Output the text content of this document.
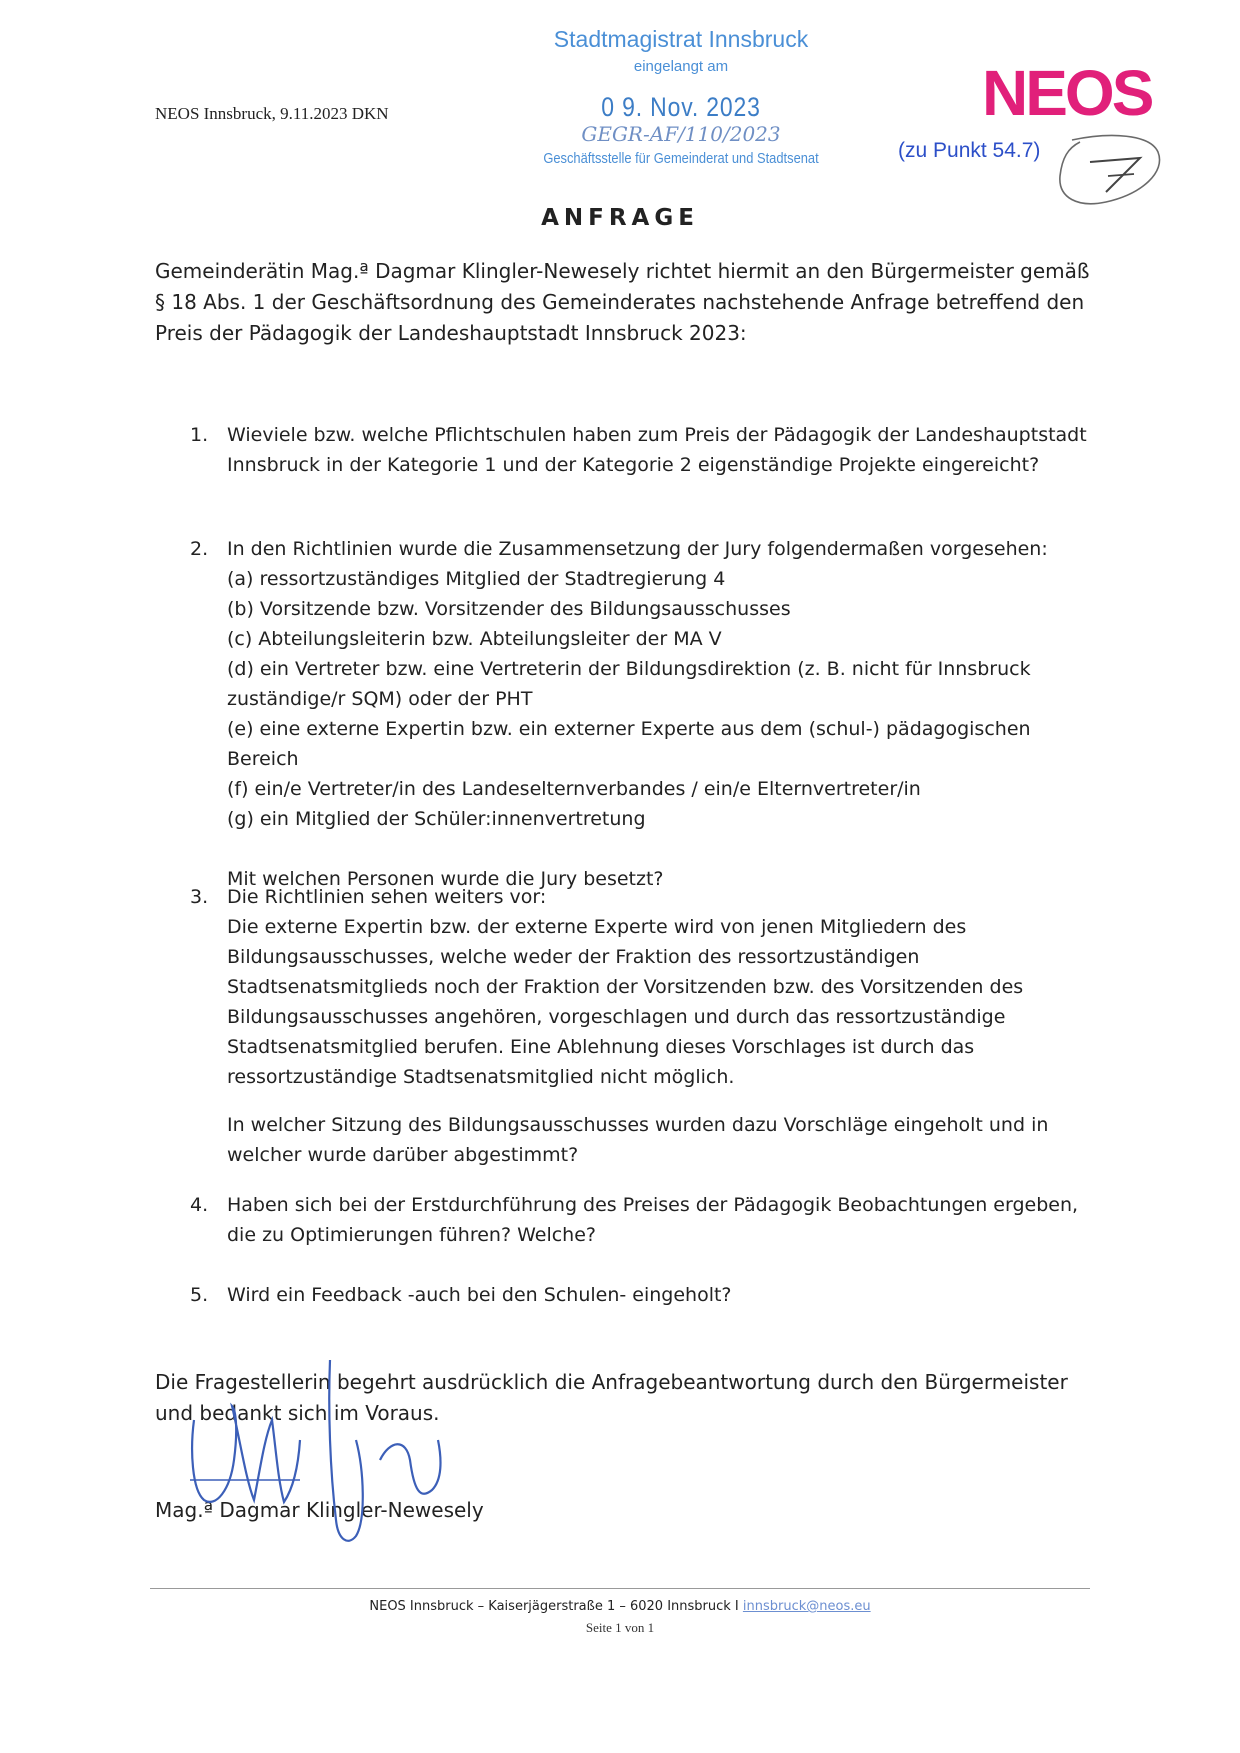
NEOS Innsbruck, 9.11.2023 DKN
Stadtmagistrat Innsbruck
eingelangt am
0 9. Nov. 2023
GEGR-AF/110/2023
Geschäftsstelle für Gemeinderat und Stadtsenat
NEOS
(zu Punkt 54.7)
ANFRAGE
Gemeinderätin Mag.ª Dagmar Klingler-Newesely richtet hiermit an den Bürgermeister gemäß § 18 Abs. 1 der Geschäftsordnung des Gemeinderates nachstehende Anfrage betreffend den Preis der Pädagogik der Landeshauptstadt Innsbruck 2023:
1. Wieviele bzw. welche Pflichtschulen haben zum Preis der Pädagogik der Landeshauptstadt Innsbruck in der Kategorie 1 und der Kategorie 2 eigenständige Projekte eingereicht?

2. In den Richtlinien wurde die Zusammensetzung der Jury folgendermaßen vorgesehen:

(a) ressortzuständiges Mitglied der Stadtregierung 4

(b) Vorsitzende bzw. Vorsitzender des Bildungsausschusses

(c) Abteilungsleiterin bzw. Abteilungsleiter der MA V

(d) ein Vertreter bzw. eine Vertreterin der Bildungsdirektion (z. B. nicht für Innsbruck zuständige/r SQM) oder der PHT

(e) eine externe Expertin bzw. ein externer Experte aus dem (schul-) pädagogischen Bereich

(f) ein/e Vertreter/in des Landeselternverbandes / ein/e Elternvertreter/in

(g) ein Mitglied der Schüler:innenvertretung

Mit welchen Personen wurde die Jury besetzt?

3. Die Richtlinien sehen weiters vor:

Die externe Expertin bzw. der externe Experte wird von jenen Mitgliedern des Bildungsausschusses, welche weder der Fraktion des ressortzuständigen Stadtsenatsmitglieds noch der Fraktion der Vorsitzenden bzw. des Vorsitzenden des Bildungsausschusses angehören, vorgeschlagen und durch das ressortzuständige Stadtsenatsmitglied berufen. Eine Ablehnung dieses Vorschlages ist durch das ressortzuständige Stadtsenatsmitglied nicht möglich.

In welcher Sitzung des Bildungsausschusses wurden dazu Vorschläge eingeholt und in welcher wurde darüber abgestimmt?

4. Haben sich bei der Erstdurchführung des Preises der Pädagogik Beobachtungen ergeben, die zu Optimierungen führen? Welche?

5. Wird ein Feedback -auch bei den Schulen- eingeholt?

Die Fragestellerin begehrt ausdrücklich die Anfragebeantwortung durch den Bürgermeister und bedankt sich im Voraus.
Mag.ª Dagmar Klingler-Newesely
NEOS Innsbruck – Kaiserjägerstraße 1 – 6020 Innsbruck I innsbruck@neos.eu
Seite 1 von 1
